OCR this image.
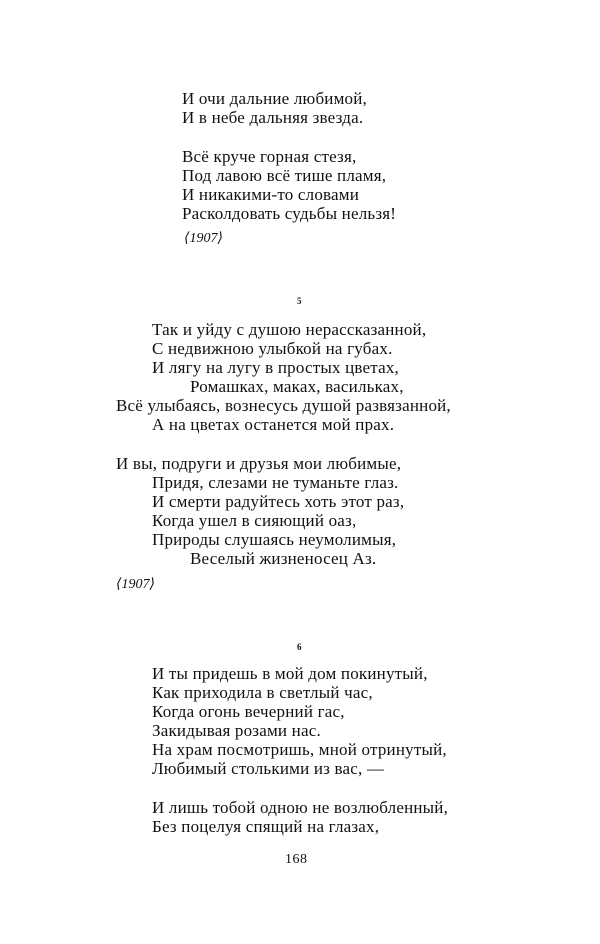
И очи дальние любимой,
И в небе дальняя звезда.
Всё круче горная стезя,
Под лавою всё тише пламя,
И никакими-то словами
Расколдовать судьбы нельзя!
⟨1907⟩
5
Так и уйду с душою нерассказанной,
С недвижною улыбкой на губах.
И лягу на лугу в простых цветах,
Ромашках, маках, васильках,
Всё улыбаясь, вознесусь душой развязанной,
А на цветах останется мой прах.
И вы, подруги и друзья мои любимые,
Придя, слезами не туманьте глаз.
И смерти радуйтесь хоть этот раз,
Когда ушел в сияющий оаз,
Природы слушаясь неумолимыя,
Веселый жизненосец Аз.
⟨1907⟩
6
И ты придешь в мой дом покинутый,
Как приходила в светлый час,
Когда огонь вечерний гас,
Закидывая розами нас.
На храм посмотришь, мной отринутый,
Любимый столькими из вас, —
И лишь тобой одною не возлюбленный,
Без поцелуя спящий на глазах,
168
